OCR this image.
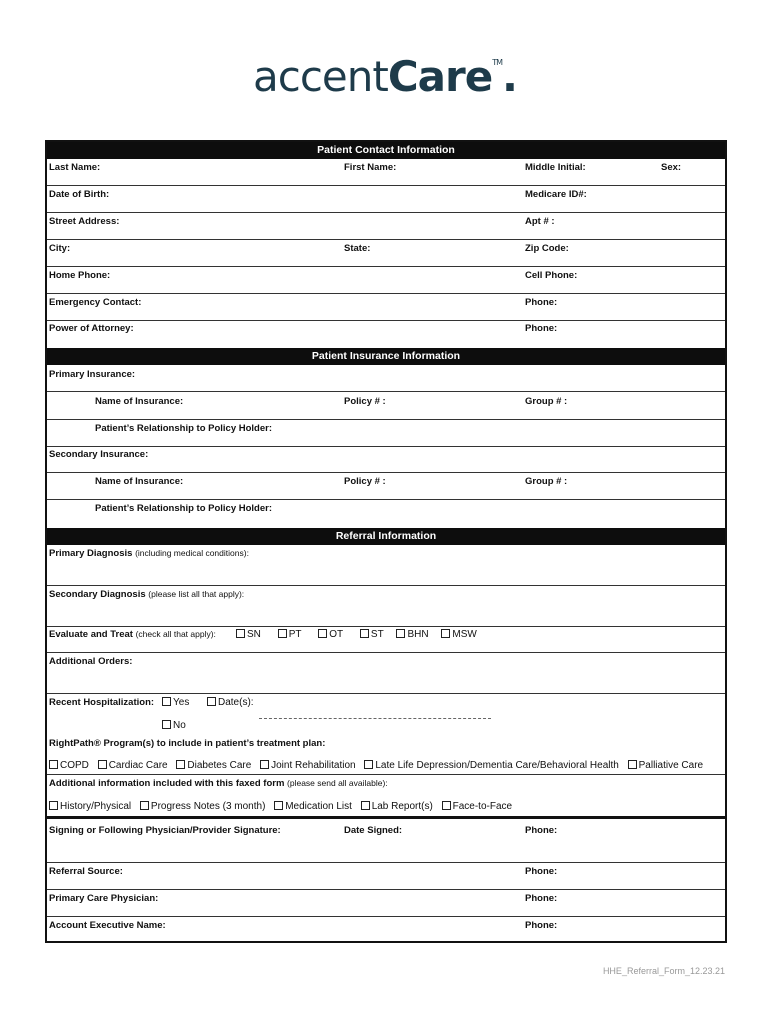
accentCare™.
Patient Contact Information
Last Name:	First Name:	Middle Initial:	Sex:
Date of Birth:	Medicare ID#:
Street Address:	Apt # :
City:	State:	Zip Code:
Home Phone:	Cell Phone:
Emergency Contact:	Phone:
Power of Attorney:	Phone:
Patient Insurance Information
Primary Insurance:
Name of Insurance:	Policy # :	Group # :
Patient’s Relationship to Policy Holder:
Secondary Insurance:
Name of Insurance:	Policy # :	Group # :
Patient’s Relationship to Policy Holder:
Referral Information
Primary Diagnosis (including medical conditions):
Secondary Diagnosis (please list all that apply):
Evaluate and Treat (check all that apply):	SN	PT	OT	ST BHN MSW
Additional Orders:
Recent Hospitalization:	Yes	Date(s):
No
RightPath® Program(s) to include in patient’s treatment plan:
COPD Cardiac Care Diabetes Care Joint Rehabilitation Late Life Depression/Dementia Care/Behavioral Health Palliative Care
Additional information included with this faxed form (please send all available):
History/Physical Progress Notes (3 month) Medication List Lab Report(s) Face-to-Face
Signing or Following Physician/Provider Signature:	Date Signed:	Phone:
Referral Source:	Phone:
Primary Care Physician:	Phone:
Account Executive Name:	Phone:
HHE_Referral_Form_12.23.21
